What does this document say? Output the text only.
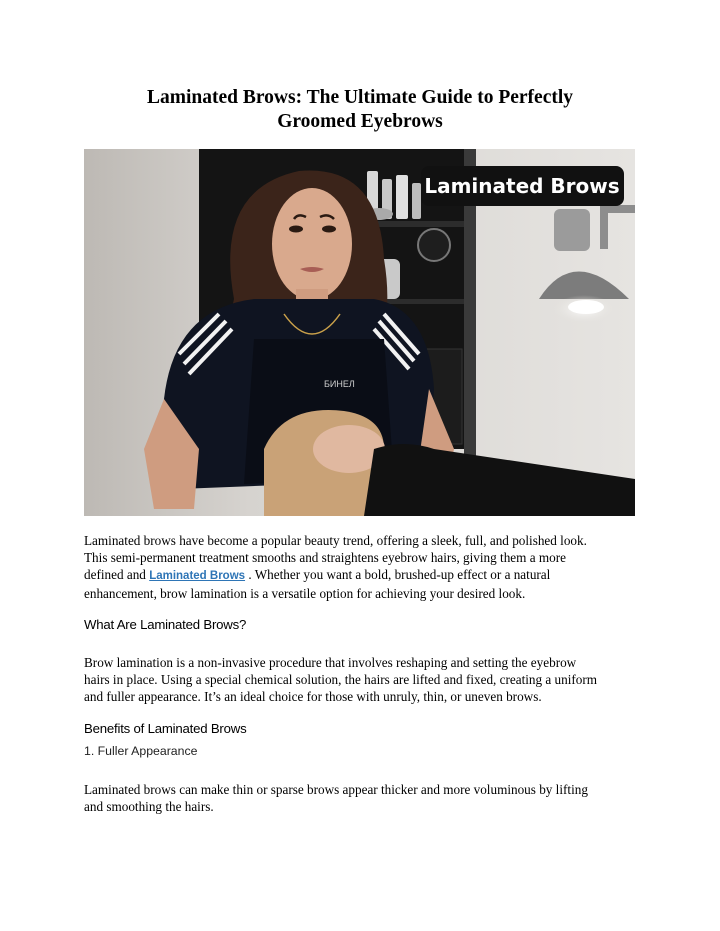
Laminated Brows: The Ultimate Guide to Perfectly
Groomed Eyebrows
БИНЕЛ
Laminated Brows
Laminated brows have become a popular beauty trend, offering a sleek, full, and polished look.
This semi-permanent treatment smooths and straightens eyebrow hairs, giving them a more
defined and Laminated Brows . Whether you want a bold, brushed-up effect or a natural
enhancement, brow lamination is a versatile option for achieving your desired look.
What Are Laminated Brows?
Brow lamination is a non-invasive procedure that involves reshaping and setting the eyebrow
hairs in place. Using a special chemical solution, the hairs are lifted and fixed, creating a uniform
and fuller appearance. It’s an ideal choice for those with unruly, thin, or uneven brows.
Benefits of Laminated Brows
1. Fuller Appearance
Laminated brows can make thin or sparse brows appear thicker and more voluminous by lifting
and smoothing the hairs.
